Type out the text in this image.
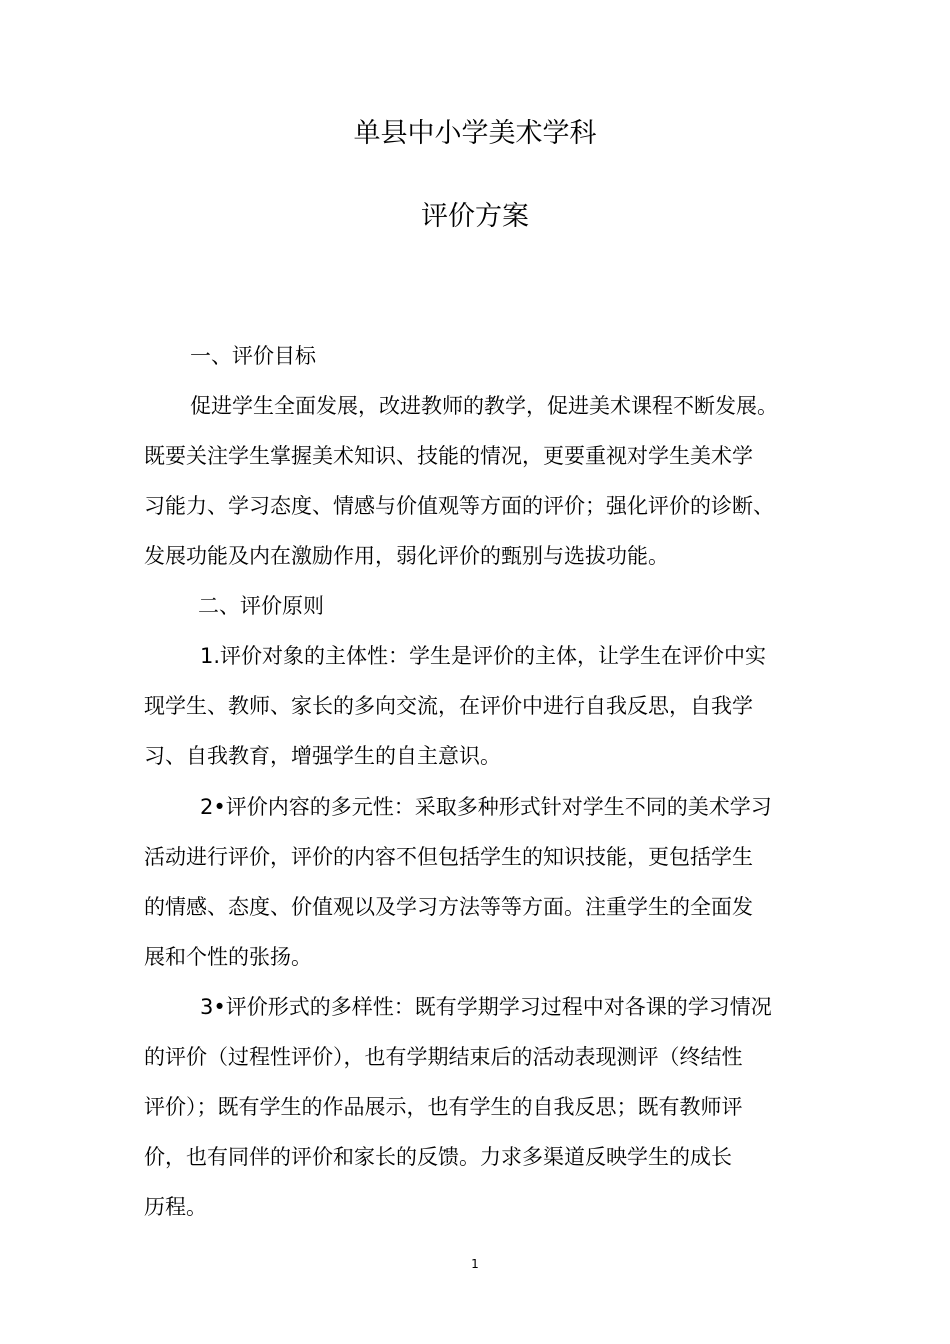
单县中小学美术学科
评价方案

一、评价目标

促进学生全面发展，改进教师的教学，促进美术课程不断发展。

既要关注学生掌握美术知识、技能的情况，更要重视对学生美术学

习能力、学习态度、情感与价值观等方面的评价；强化评价的诊断、

发展功能及内在激励作用，弱化评价的甄别与选拔功能。

二、评价原则

1.评价对象的主体性：学生是评价的主体，让学生在评价中实

现学生、教师、家长的多向交流，在评价中进行自我反思，自我学

习、自我教育，增强学生的自主意识。

2•评价内容的多元性：采取多种形式针对学生不同的美术学习

活动进行评价，评价的内容不但包括学生的知识技能，更包括学生

的情感、态度、价值观以及学习方法等等方面。注重学生的全面发

展和个性的张扬。

3•评价形式的多样性：既有学期学习过程中对各课的学习情况

的评价（过程性评价），也有学期结束后的活动表现测评（终结性

评价）；既有学生的作品展示，也有学生的自我反思；既有教师评

价，也有同伴的评价和家长的反馈。力求多渠道反映学生的成长

历程。

1
